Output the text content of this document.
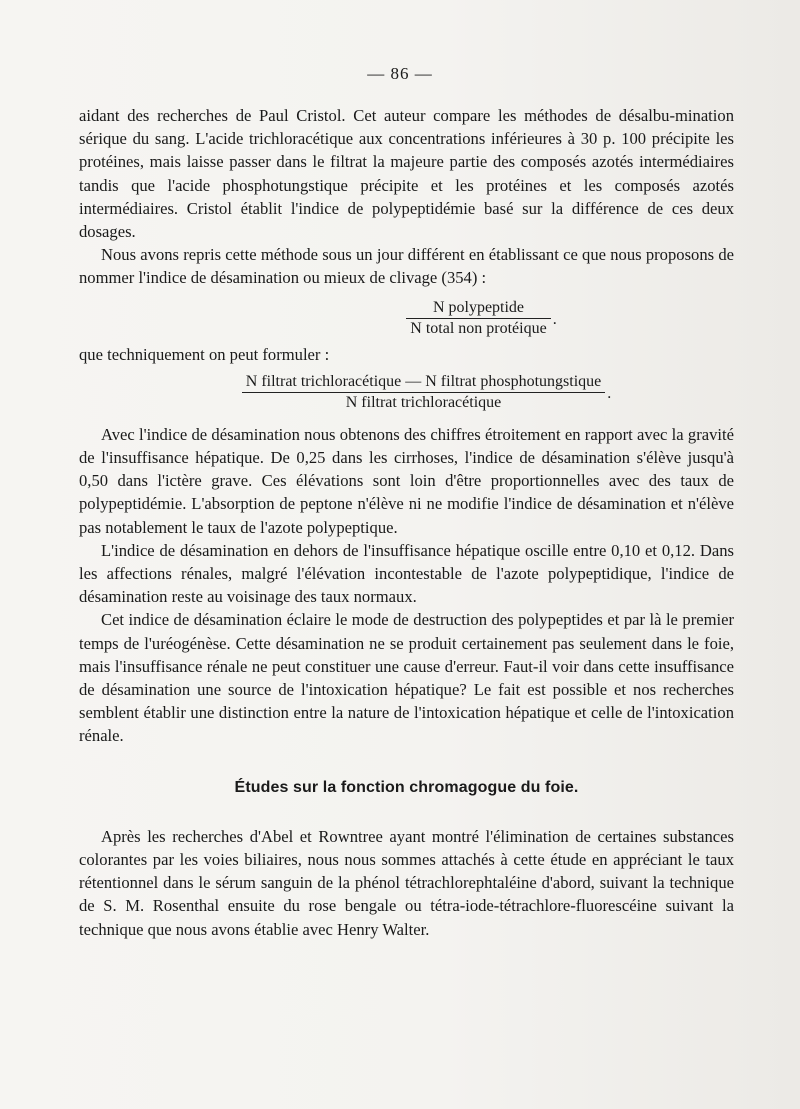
— 86 —

aidant des recherches de Paul Cristol. Cet auteur compare les méthodes de désalbu-mination sérique du sang. L'acide trichloracétique aux concentrations inférieures à 30 p. 100 précipite les protéines, mais laisse passer dans le filtrat la majeure partie des composés azotés intermédiaires tandis que l'acide phosphotungstique précipite et les protéines et les composés azotés intermédiaires. Cristol établit l'indice de polypeptidémie basé sur la différence de ces deux dosages.

Nous avons repris cette méthode sous un jour différent en établissant ce que nous proposons de nommer l'indice de désamination ou mieux de clivage (354) :

$\frac{\text{N polypeptide}}{\text{N total non protéique}}$ .

que techniquement on peut formuler :

$\frac{\text{N filtrat trichloracétique — N filtrat phosphotungstique}}{\text{N filtrat trichloracétique}}$ .

Avec l'indice de désamination nous obtenons des chiffres étroitement en rapport avec la gravité de l'insuffisance hépatique. De 0,25 dans les cirrhoses, l'indice de désamination s'élève jusqu'à 0,50 dans l'ictère grave. Ces élévations sont loin d'être proportionnelles avec des taux de polypeptidémie. L'absorption de peptone n'élève ni ne modifie l'indice de désamination et n'élève pas notablement le taux de l'azote polypeptique.

L'indice de désamination en dehors de l'insuffisance hépatique oscille entre 0,10 et 0,12. Dans les affections rénales, malgré l'élévation incontestable de l'azote polypeptidique, l'indice de désamination reste au voisinage des taux normaux.

Cet indice de désamination éclaire le mode de destruction des polypeptides et par là le premier temps de l'uréogénèse. Cette désamination ne se produit certainement pas seulement dans le foie, mais l'insuffisance rénale ne peut constituer une cause d'erreur. Faut-il voir dans cette insuffisance de désamination une source de l'intoxication hépatique? Le fait est possible et nos recherches semblent établir une distinction entre la nature de l'intoxication hépatique et celle de l'intoxication rénale.

Études sur la fonction chromagogue du foie.

Après les recherches d'Abel et Rowntree ayant montré l'élimination de certaines substances colorantes par les voies biliaires, nous nous sommes attachés à cette étude en appréciant le taux rétentionnel dans le sérum sanguin de la phénol tétrachlorephtaléine d'abord, suivant la technique de S. M. Rosenthal ensuite du rose bengale ou tétra-iode-tétrachlore-fluorescéine suivant la technique que nous avons établie avec Henry Walter.
